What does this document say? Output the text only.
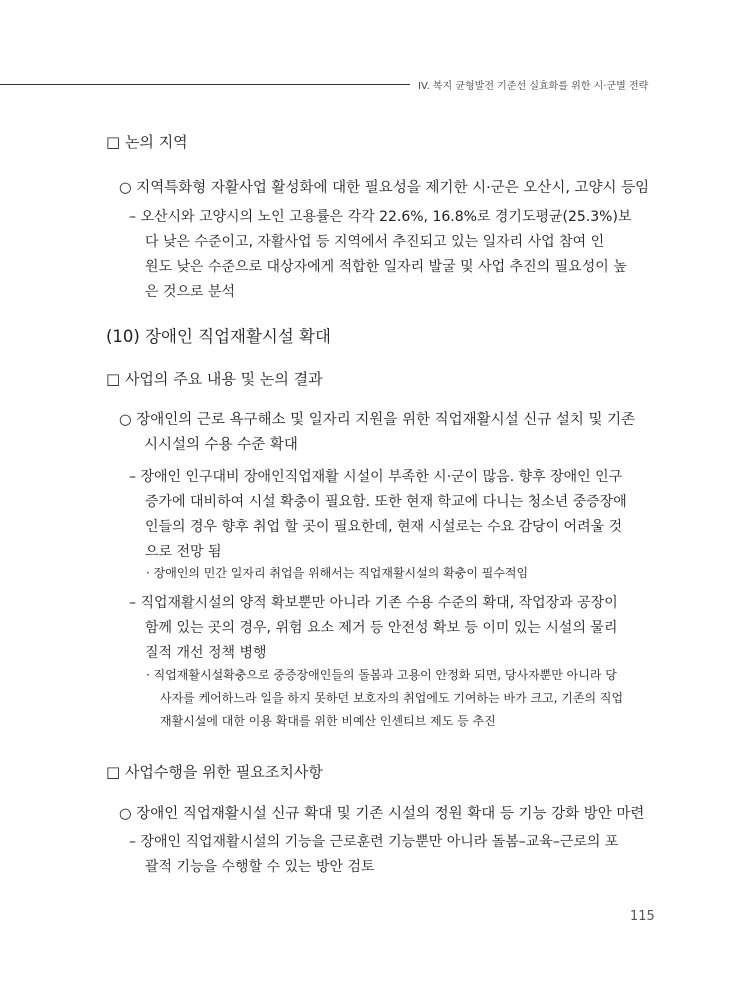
IV. 복지 균형발전 기준선 실효화를 위한 시·군별 전략
□ 논의 지역
○ 지역특화형 자활사업 활성화에 대한 필요성을 제기한 시·군은 오산시, 고양시 등임
– 오산시와 고양시의 노인 고용률은 각각 22.6%, 16.8%로 경기도평균(25.3%)보
다 낮은 수준이고, 자활사업 등 지역에서 추진되고 있는 일자리 사업 참여 인
원도 낮은 수준으로 대상자에게 적합한 일자리 발굴 및 사업 추진의 필요성이 높
은 것으로 분석
(10) 장애인 직업재활시설 확대
□ 사업의 주요 내용 및 논의 결과
○ 장애인의 근로 욕구해소 및 일자리 지원을 위한 직업재활시설 신규 설치 및 기존
시시설의 수용 수준 확대
– 장애인 인구대비 장애인직업재활 시설이 부족한 시·군이 많음. 향후 장애인 인구
증가에 대비하여 시설 확충이 필요함. 또한 현재 학교에 다니는 청소년 중증장애
인들의 경우 향후 취업 할 곳이 필요한데, 현재 시설로는 수요 감당이 어려울 것
으로 전망 됨
· 장애인의 민간 일자리 취업을 위해서는 직업재활시설의 확충이 필수적임
– 직업재활시설의 양적 확보뿐만 아니라 기존 수용 수준의 확대, 작업장과 공장이
함께 있는 곳의 경우, 위험 요소 제거 등 안전성 확보 등 이미 있는 시설의 물리
질적 개선 정책 병행
· 직업재활시설확충으로 중증장애인들의 돌봄과 고용이 안정화 되면, 당사자뿐만 아니라 당
사자를 케어하느라 일을 하지 못하던 보호자의 취업에도 기여하는 바가 크고, 기존의 직업
재활시설에 대한 이용 확대를 위한 비예산 인센티브 제도 등 추진
□ 사업수행을 위한 필요조치사항
○ 장애인 직업재활시설 신규 확대 및 기존 시설의 정원 확대 등 기능 강화 방안 마련
– 장애인 직업재활시설의 기능을 근로훈련 기능뿐만 아니라 돌봄–교육–근로의 포
괄적 기능을 수행할 수 있는 방안 검토
115
